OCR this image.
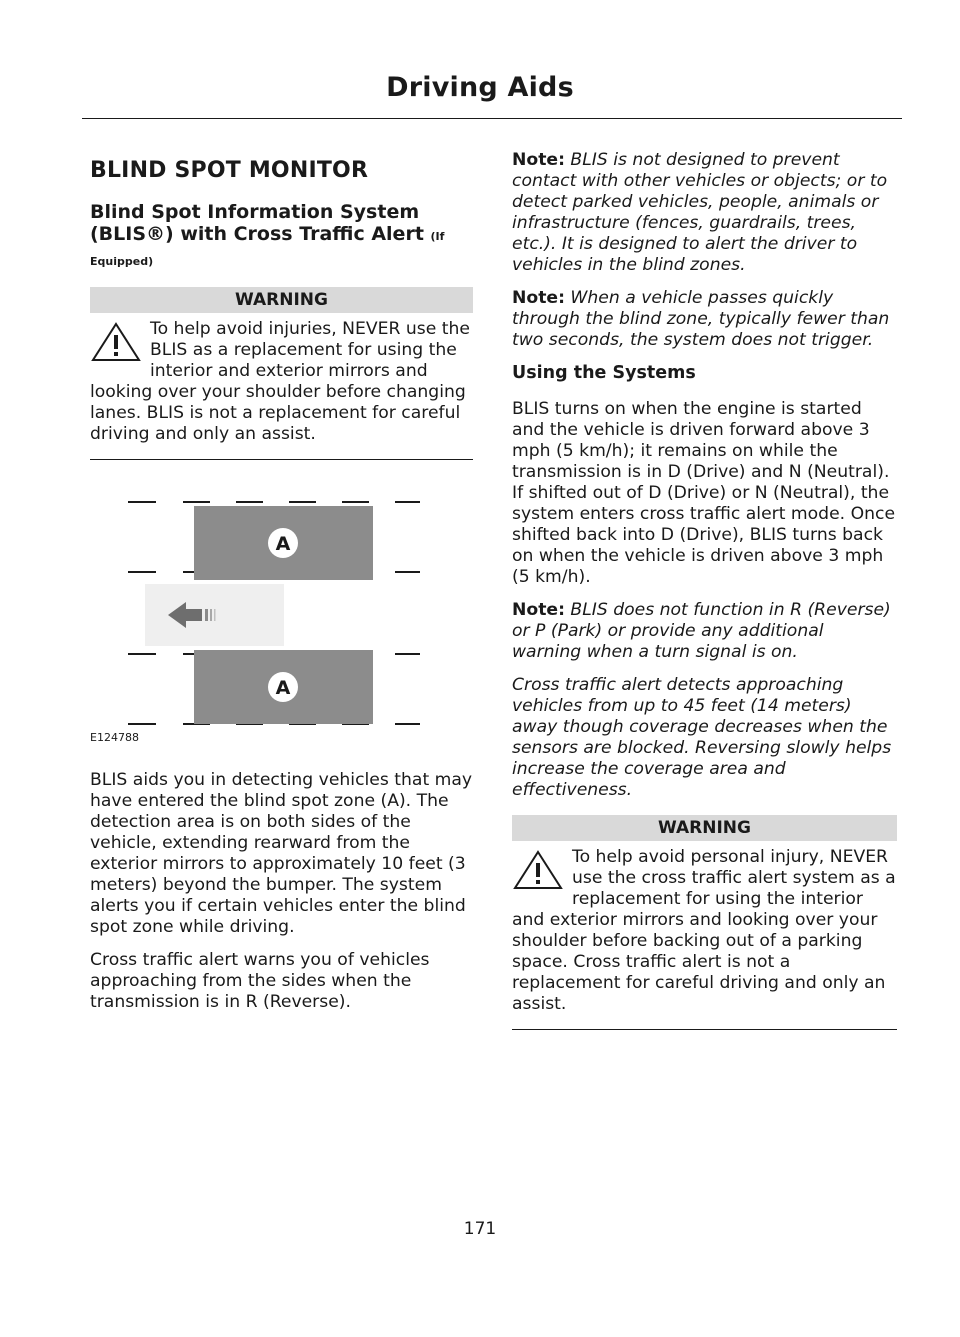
Driving Aids
BLIND SPOT MONITOR
Blind Spot Information System (BLIS®) with Cross Traffic Alert (If Equipped)
WARNING
To help avoid injuries, NEVER use the BLIS as a replacement for using the interior and exterior mirrors and looking over your shoulder before changing lanes. BLIS is not a replacement for careful driving and only an assist.
A
A
E124788

BLIS aids you in detecting vehicles that may have entered the blind spot zone (A). The detection area is on both sides of the vehicle, extending rearward from the exterior mirrors to approximately 10 feet (3 meters) beyond the bumper. The system alerts you if certain vehicles enter the blind spot zone while driving.

Cross traffic alert warns you of vehicles approaching from the sides when the transmission is in R (Reverse).

Note: BLIS is not designed to prevent contact with other vehicles or objects; or to detect parked vehicles, people, animals or infrastructure (fences, guardrails, trees, etc.). It is designed to alert the driver to vehicles in the blind zones.

Note: When a vehicle passes quickly through the blind zone, typically fewer than two seconds, the system does not trigger.

Using the Systems

BLIS turns on when the engine is started and the vehicle is driven forward above 3 mph (5 km/h); it remains on while the transmission is in D (Drive) and N (Neutral). If shifted out of D (Drive) or N (Neutral), the system enters cross traffic alert mode. Once shifted back into D (Drive), BLIS turns back on when the vehicle is driven above 3 mph (5 km/h).

Note: BLIS does not function in R (Reverse) or P (Park) or provide any additional warning when a turn signal is on.

Cross traffic alert detects approaching vehicles from up to 45 feet (14 meters) away though coverage decreases when the sensors are blocked. Reversing slowly helps increase the coverage area and effectiveness.

WARNING
To help avoid personal injury, NEVER use the cross traffic alert system as a replacement for using the interior and exterior mirrors and looking over your shoulder before backing out of a parking space. Cross traffic alert is not a replacement for careful driving and only an assist.
171
